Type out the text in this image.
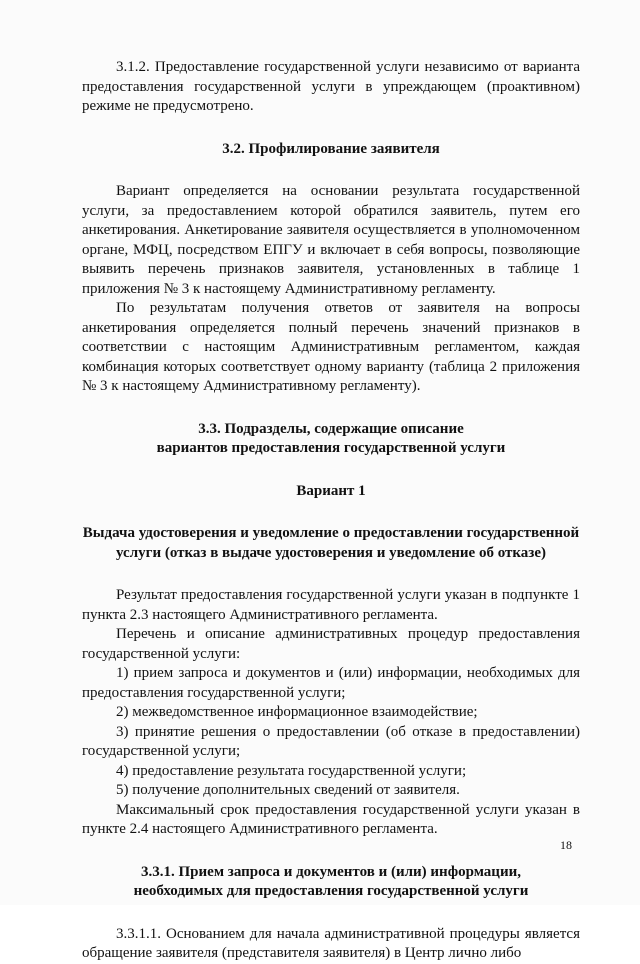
3.1.2. Предоставление государственной услуги независимо от варианта предоставления государственной услуги в упреждающем (проактивном) режиме не предусмотрено.

3.2. Профилирование заявителя

Вариант определяется на основании результата государственной услуги, за предоставлением которой обратился заявитель, путем его анкетирования. Анкетирование заявителя осуществляется в уполномоченном органе, МФЦ, посредством ЕПГУ и включает в себя вопросы, позволяющие выявить перечень признаков заявителя, установленных в таблице 1 приложения № 3 к настоящему Административному регламенту.

По результатам получения ответов от заявителя на вопросы анкетирования определяется полный перечень значений признаков в соответствии с настоящим Административным регламентом, каждая комбинация которых соответствует одному варианту (таблица 2 приложения № 3 к настоящему Административному регламенту).

3.3. Подразделы, содержащие описание

вариантов предоставления государственной услуги

Вариант 1

Выдача удостоверения и уведомление о предоставлении государственной услуги (отказ в выдаче удостоверения и уведомление об отказе)

Результат предоставления государственной услуги указан в подпункте 1 пункта 2.3 настоящего Административного регламента.

Перечень и описание административных процедур предоставления государственной услуги:

1) прием запроса и документов и (или) информации, необходимых для предоставления государственной услуги;

2) межведомственное информационное взаимодействие;

3) принятие решения о предоставлении (об отказе в предоставлении) государственной услуги;

4) предоставление результата государственной услуги;

5) получение дополнительных сведений от заявителя.

Максимальный срок предоставления государственной услуги указан в пункте 2.4 настоящего Административного регламента.

3.3.1. Прием запроса и документов и (или) информации,

необходимых для предоставления государственной услуги

3.3.1.1. Основанием для начала административной процедуры является обращение заявителя (представителя заявителя) в Центр лично либо

18
